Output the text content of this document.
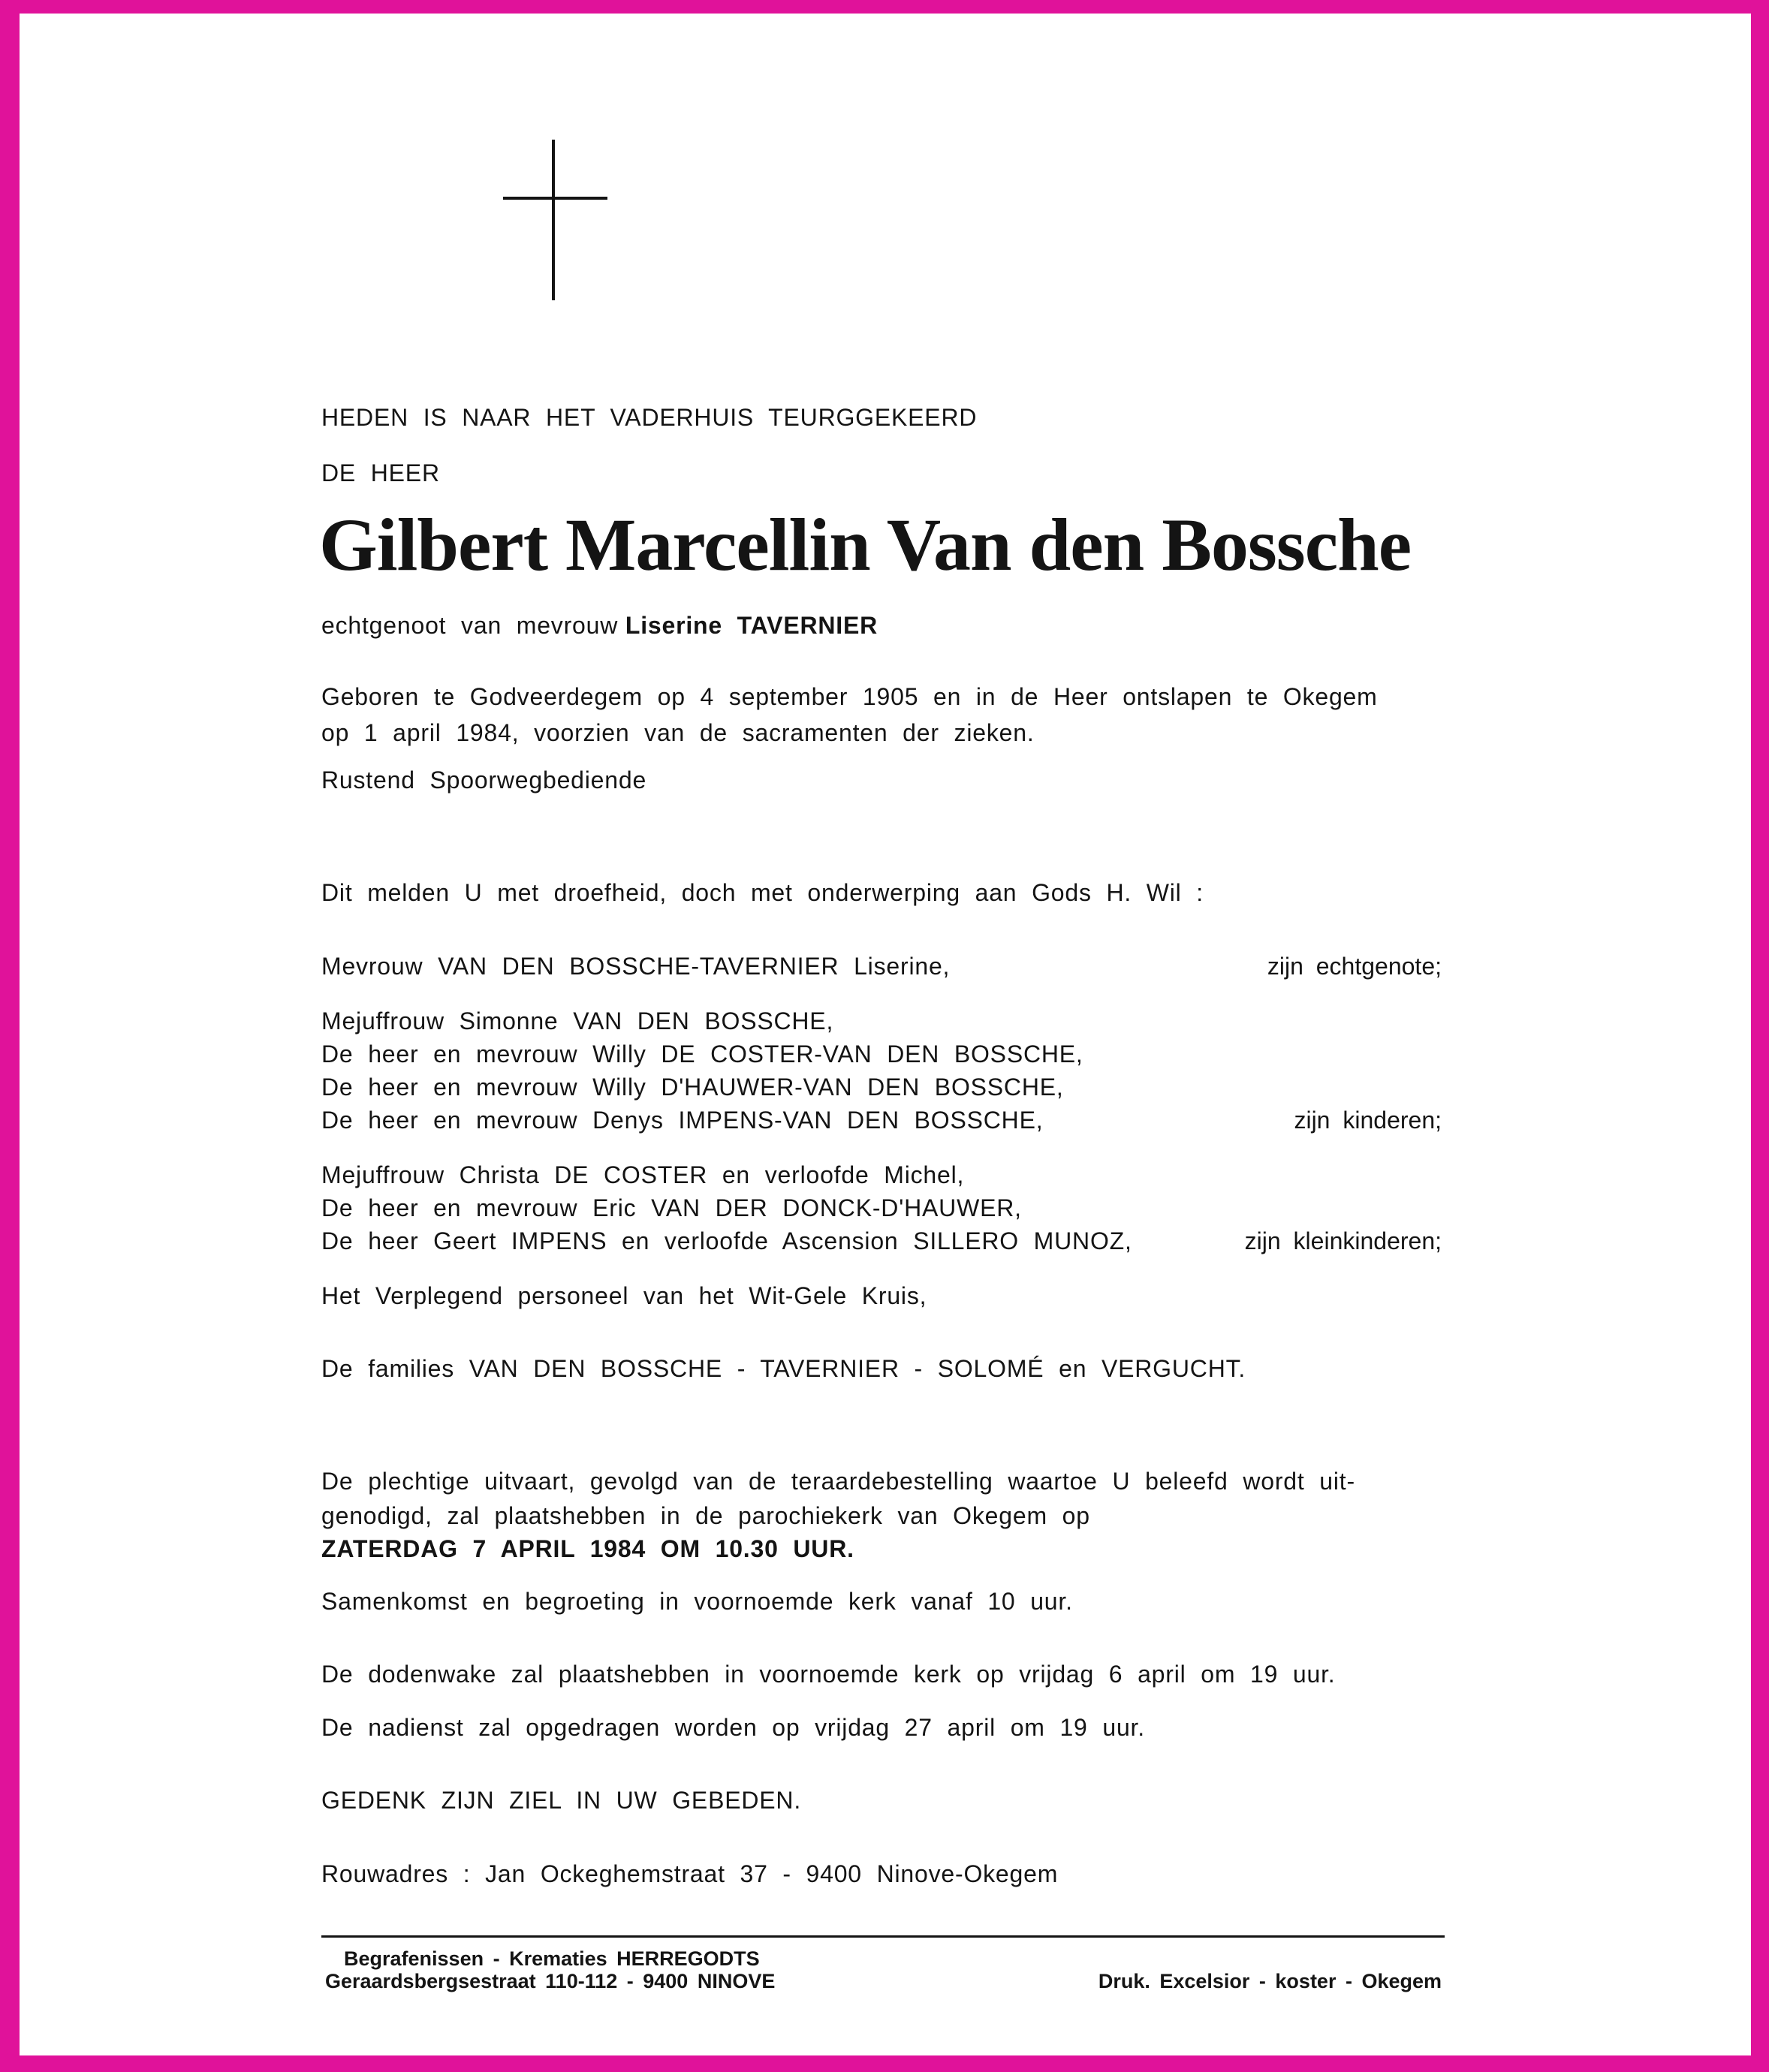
HEDEN IS NAAR HET VADERHUIS TEURGGEKEERD
DE HEER
Gilbert Marcellin Van den Bossche
echtgenoot van mevrouw Liserine TAVERNIER
Geboren te Godveerdegem op 4 september 1905 en in de Heer ontslapen te Okegem
op 1 april 1984, voorzien van de sacramenten der zieken.
Rustend Spoorwegbediende
Dit melden U met droefheid, doch met onderwerping aan Gods H. Wil :
Mevrouw VAN DEN BOSSCHE-TAVERNIER Liserine,	zijn echtgenote;
Mejuffrouw Simonne VAN DEN BOSSCHE,
De heer en mevrouw Willy DE COSTER-VAN DEN BOSSCHE,
De heer en mevrouw Willy D'HAUWER-VAN DEN BOSSCHE,
De heer en mevrouw Denys IMPENS-VAN DEN BOSSCHE,	zijn kinderen;
Mejuffrouw Christa DE COSTER en verloofde Michel,
De heer en mevrouw Eric VAN DER DONCK-D'HAUWER,
De heer Geert IMPENS en verloofde Ascension SILLERO MUNOZ,	zijn kleinkinderen;
Het Verplegend personeel van het Wit-Gele Kruis,
De families VAN DEN BOSSCHE - TAVERNIER - SOLOMÉ en VERGUCHT.
De plechtige uitvaart, gevolgd van de teraardebestelling waartoe U beleefd wordt uit-
genodigd, zal plaatshebben in de parochiekerk van Okegem op
ZATERDAG 7 APRIL 1984 OM 10.30 UUR.
Samenkomst en begroeting in voornoemde kerk vanaf 10 uur.
De dodenwake zal plaatshebben in voornoemde kerk op vrijdag 6 april om 19 uur.
De nadienst zal opgedragen worden op vrijdag 27 april om 19 uur.
GEDENK ZIJN ZIEL IN UW GEBEDEN.
Rouwadres : Jan Ockeghemstraat 37 - 9400 Ninove-Okegem
Begrafenissen - Krematies HERREGODTS
Geraardsbergsestraat 110-112 - 9400 NINOVE	Druk. Excelsior - koster - Okegem
